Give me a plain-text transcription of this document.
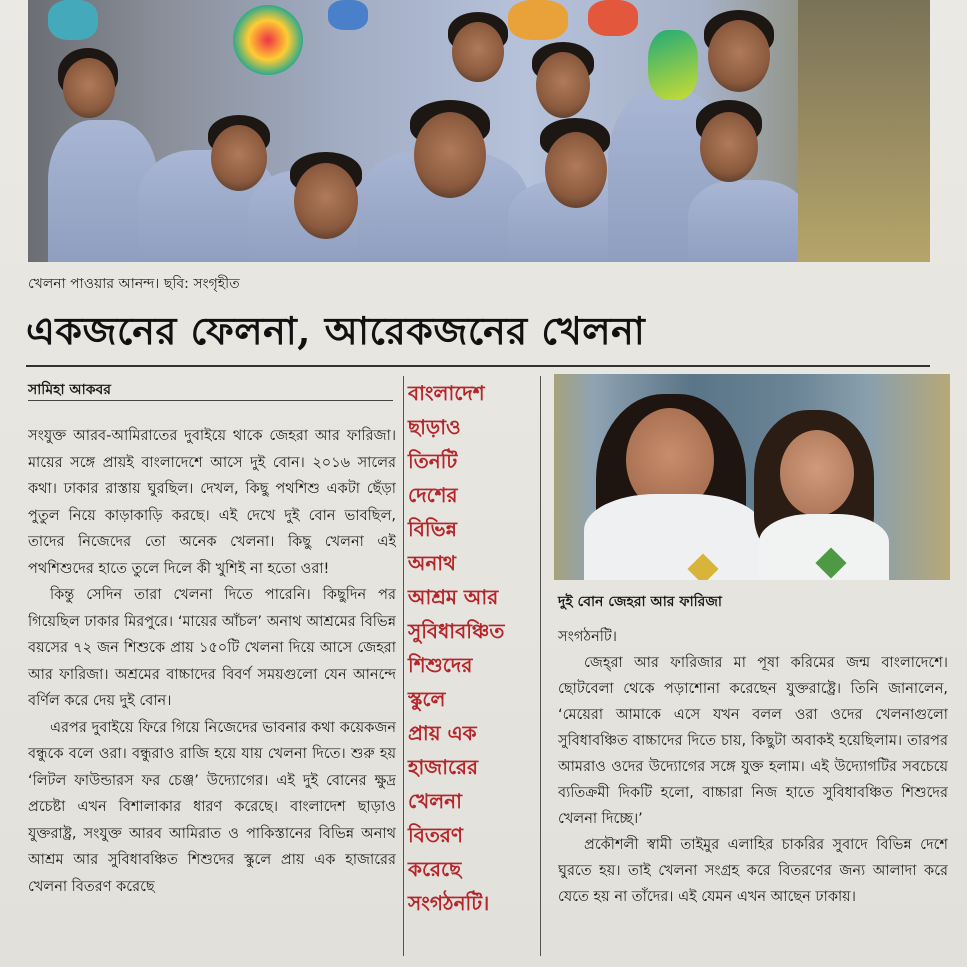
খেলনা পাওয়ার আনন্দ। ছবি: সংগৃহীত
একজনের ফেলনা, আরেকজনের খেলনা
সামিহা আকবর

সংযুক্ত আরব-আমিরাতের দুবাইয়ে থাকে জেহরা আর ফারিজা। মায়ের সঙ্গে প্রায়ই বাংলাদেশে আসে দুই বোন। ২০১৬ সালের কথা। ঢাকার রাস্তায় ঘুরছিল। দেখল, কিছু পথশিশু একটা ছেঁড়া পুতুল নিয়ে কাড়াকাড়ি করছে। এই দেখে দুই বোন ভাবছিল, তাদের নিজেদের তো অনেক খেলনা। কিছু খেলনা এই পথশিশুদের হাতে তুলে দিলে কী খুশিই না হতো ওরা!

কিন্তু সেদিন তারা খেলনা দিতে পারেনি। কিছুদিন পর গিয়েছিল ঢাকার মিরপুরে। ‘মায়ের আঁচল’ অনাথ আশ্রমের বিভিন্ন বয়সের ৭২ জন শিশুকে প্রায় ১৫০টি খেলনা দিয়ে আসে জেহরা আর ফারিজা। অশ্রমের বাচ্চাদের বিবর্ণ সময়গুলো যেন আনন্দে বর্ণিল করে দেয় দুই বোন।

এরপর দুবাইয়ে ফিরে গিয়ে নিজেদের ভাবনার কথা কয়েকজন বন্ধুকে বলে ওরা। বন্ধুরাও রাজি হয়ে যায় খেলনা দিতে। শুরু হয় ‘লিটল ফাউন্ডারস ফর চেঞ্জ’ উদ্যোগের। এই দুই বোনের ক্ষুদ্র প্রচেষ্টা এখন বিশালাকার ধারণ করেছে। বাংলাদেশ ছাড়াও যুক্তরাষ্ট্র, সংযুক্ত আরব আমিরাত ও পাকিস্তানের বিভিন্ন অনাথ আশ্রম আর সুবিধাবঞ্চিত শিশুদের স্কুলে প্রায় এক হাজারের খেলনা বিতরণ করেছে

বাংলাদেশ
ছাড়াও
তিনটি
দেশের
বিভিন্ন
অনাথ
আশ্রম আর
সুবিধাবঞ্চিত
শিশুদের
স্কুলে
প্রায় এক
হাজারের
খেলনা
বিতরণ
করেছে
সংগঠনটি।
দুই বোন জেহরা আর ফারিজা

সংগঠনটি।

জেহ্‌রা আর ফারিজার মা পূষা করিমের জন্ম বাংলাদেশে। ছোটবেলা থেকে পড়াশোনা করেছেন যুক্তরাষ্ট্রে। তিনি জানালেন, ‘মেয়েরা আমাকে এসে যখন বলল ওরা ওদের খেলনাগুলো সুবিধাবঞ্চিত বাচ্চাদের দিতে চায়, কিছুটা অবাকই হয়েছিলাম। তারপর আমরাও ওদের উদ্যোগের সঙ্গে যুক্ত হলাম। এই উদ্যোগটির সবচেয়ে ব্যতিক্রমী দিকটি হলো, বাচ্চারা নিজ হাতে সুবিধাবঞ্চিত শিশুদের খেলনা দিচ্ছে।’

প্রকৌশলী স্বামী তাইমুর এলাহির চাকরির সুবাদে বিভিন্ন দেশে ঘুরতে হয়। তাই খেলনা সংগ্রহ করে বিতরণের জন্য আলাদা করে যেতে হয় না তাঁদের। এই যেমন এখন আছেন ঢাকায়।
